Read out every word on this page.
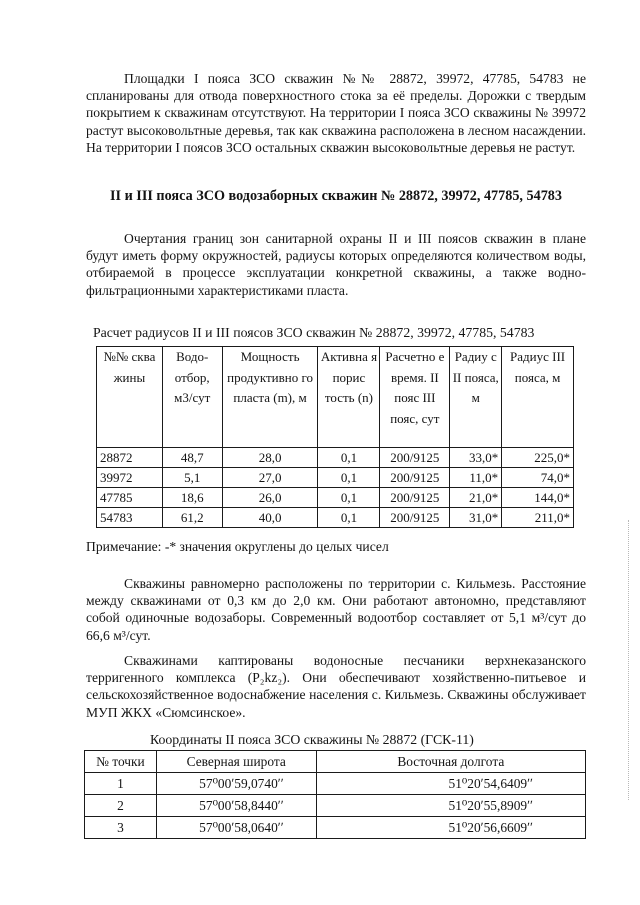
Площадки I пояса ЗСО скважин №№ 28872, 39972, 47785, 54783 не спланированы для отвода поверхностного стока за её пределы. Дорожки с твердым покрытием к скважинам отсутствуют. На территории I пояса ЗСО скважины № 39972 растут высоковольтные деревья, так как скважина расположена в лесном насаждении. На территории I поясов ЗСО остальных скважин высоковольтные деревья не растут.

II и III пояса ЗСО водозаборных скважин № 28872, 39972, 47785, 54783

Очертания границ зон санитарной охраны II и III поясов скважин в плане будут иметь форму окружностей, радиусы которых определяются количеством воды, отбираемой в процессе эксплуатации конкретной скважины, а также водно-фильтрационными характеристиками пласта.

Расчет радиусов II и III поясов ЗСО скважин № 28872, 39972, 47785, 54783
№№ сква жины	Водо- отбор, м3/сут	Мощность продуктивно го пласта (m), м	Активна я порис тость (n)	Расчетно е время. II пояс III пояс, сут	Радиу с II пояса, м	Радиус III пояса, м
28872	48,7	28,0	0,1	200/9125	33,0*	225,0*
39972	5,1	27,0	0,1	200/9125	11,0*	74,0*
47785	18,6	26,0	0,1	200/9125	21,0*	144,0*
54783	61,2	40,0	0,1	200/9125	31,0*	211,0*
Примечание: -* значения округлены до целых чисел

Скважины равномерно расположены по территории с. Кильмезь. Расстояние между скважинами от 0,3 км до 2,0 км. Они работают автономно, представляют собой одиночные водозаборы. Современный водоотбор составляет от 5,1 м³/сут до 66,6 м³/сут.

Скважинами каптированы водоносные песчаники верхнеказанского терригенного комплекса (P₂kz₂). Они обеспечивают хозяйственно-питьевое и сельскохозяйственное водоснабжение населения с. Кильмезь. Скважины обслуживает МУП ЖКХ «Сюмсинское».

Координаты II пояса ЗСО скважины № 28872 (ГСК-11)
№ точки	Северная широта	Восточная долгота
1	57⁰00ʹ59,0740ʹʹ	51⁰20ʹ54,6409ʹʹ
2	57⁰00ʹ58,8440ʹʹ	51⁰20ʹ55,8909ʹʹ
3	57⁰00ʹ58,0640ʹʹ	51⁰20ʹ56,6609ʹʹ
